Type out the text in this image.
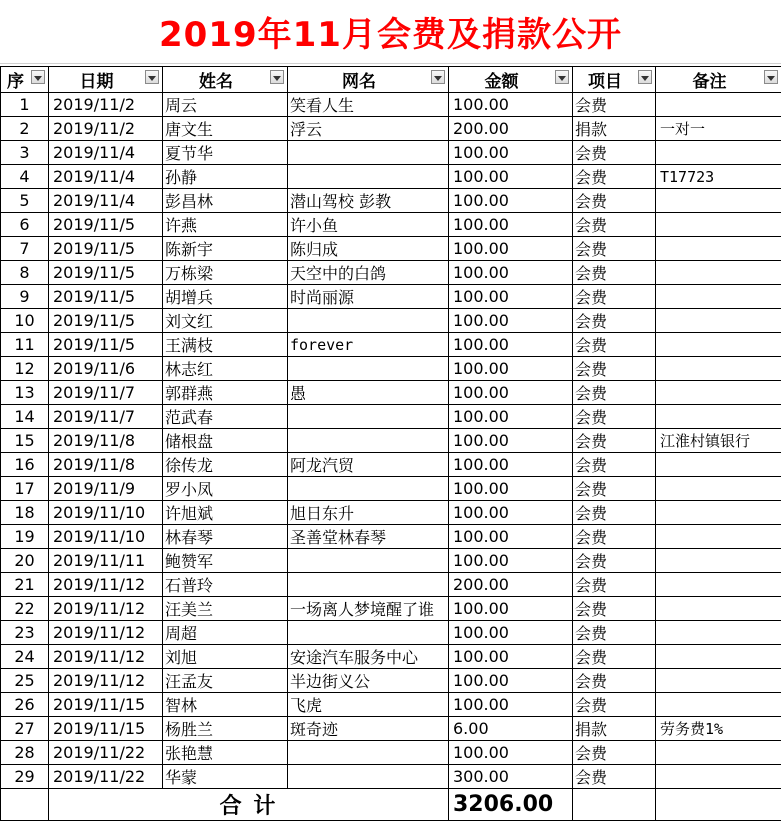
2019年11月会费及捐款公开
序	日期	姓名	网名	金额	项目	备注

1	2019/11/2	周云	笑看人生	100.00	会费	
2	2019/11/2	唐文生	浮云	200.00	捐款	一对一
3	2019/11/4	夏节华		100.00	会费	
4	2019/11/4	孙静		100.00	会费	T17723
5	2019/11/4	彭昌林	潜山驾校 彭教	100.00	会费	
6	2019/11/5	许燕	许小鱼	100.00	会费	
7	2019/11/5	陈新宇	陈归成	100.00	会费	
8	2019/11/5	万栋梁	天空中的白鸽	100.00	会费	
9	2019/11/5	胡增兵	时尚丽源	100.00	会费	
10	2019/11/5	刘文红		100.00	会费	
11	2019/11/5	王满枝	forever	100.00	会费	
12	2019/11/6	林志红		100.00	会费	
13	2019/11/7	郭群燕	愚	100.00	会费	
14	2019/11/7	范武春		100.00	会费	
15	2019/11/8	储根盘		100.00	会费	江淮村镇银行
16	2019/11/8	徐传龙	阿龙汽贸	100.00	会费	
17	2019/11/9	罗小凤		100.00	会费	
18	2019/11/10	许旭斌	旭日东升	100.00	会费	
19	2019/11/10	林春琴	圣善堂林春琴	100.00	会费	
20	2019/11/11	鲍赞军		100.00	会费	
21	2019/11/12	石普玲		200.00	会费	
22	2019/11/12	汪美兰	一场离人梦境醒了谁	100.00	会费	
23	2019/11/12	周超		100.00	会费	
24	2019/11/12	刘旭	安途汽车服务中心	100.00	会费	
25	2019/11/12	汪孟友	半边街义公	100.00	会费	
26	2019/11/15	智林	飞虎	100.00	会费	
27	2019/11/15	杨胜兰	斑奇迹	6.00	捐款	劳务费1%
28	2019/11/22	张艳慧		100.00	会费	
29	2019/11/22	华蒙		300.00	会费	
	合 计			3206.00		
